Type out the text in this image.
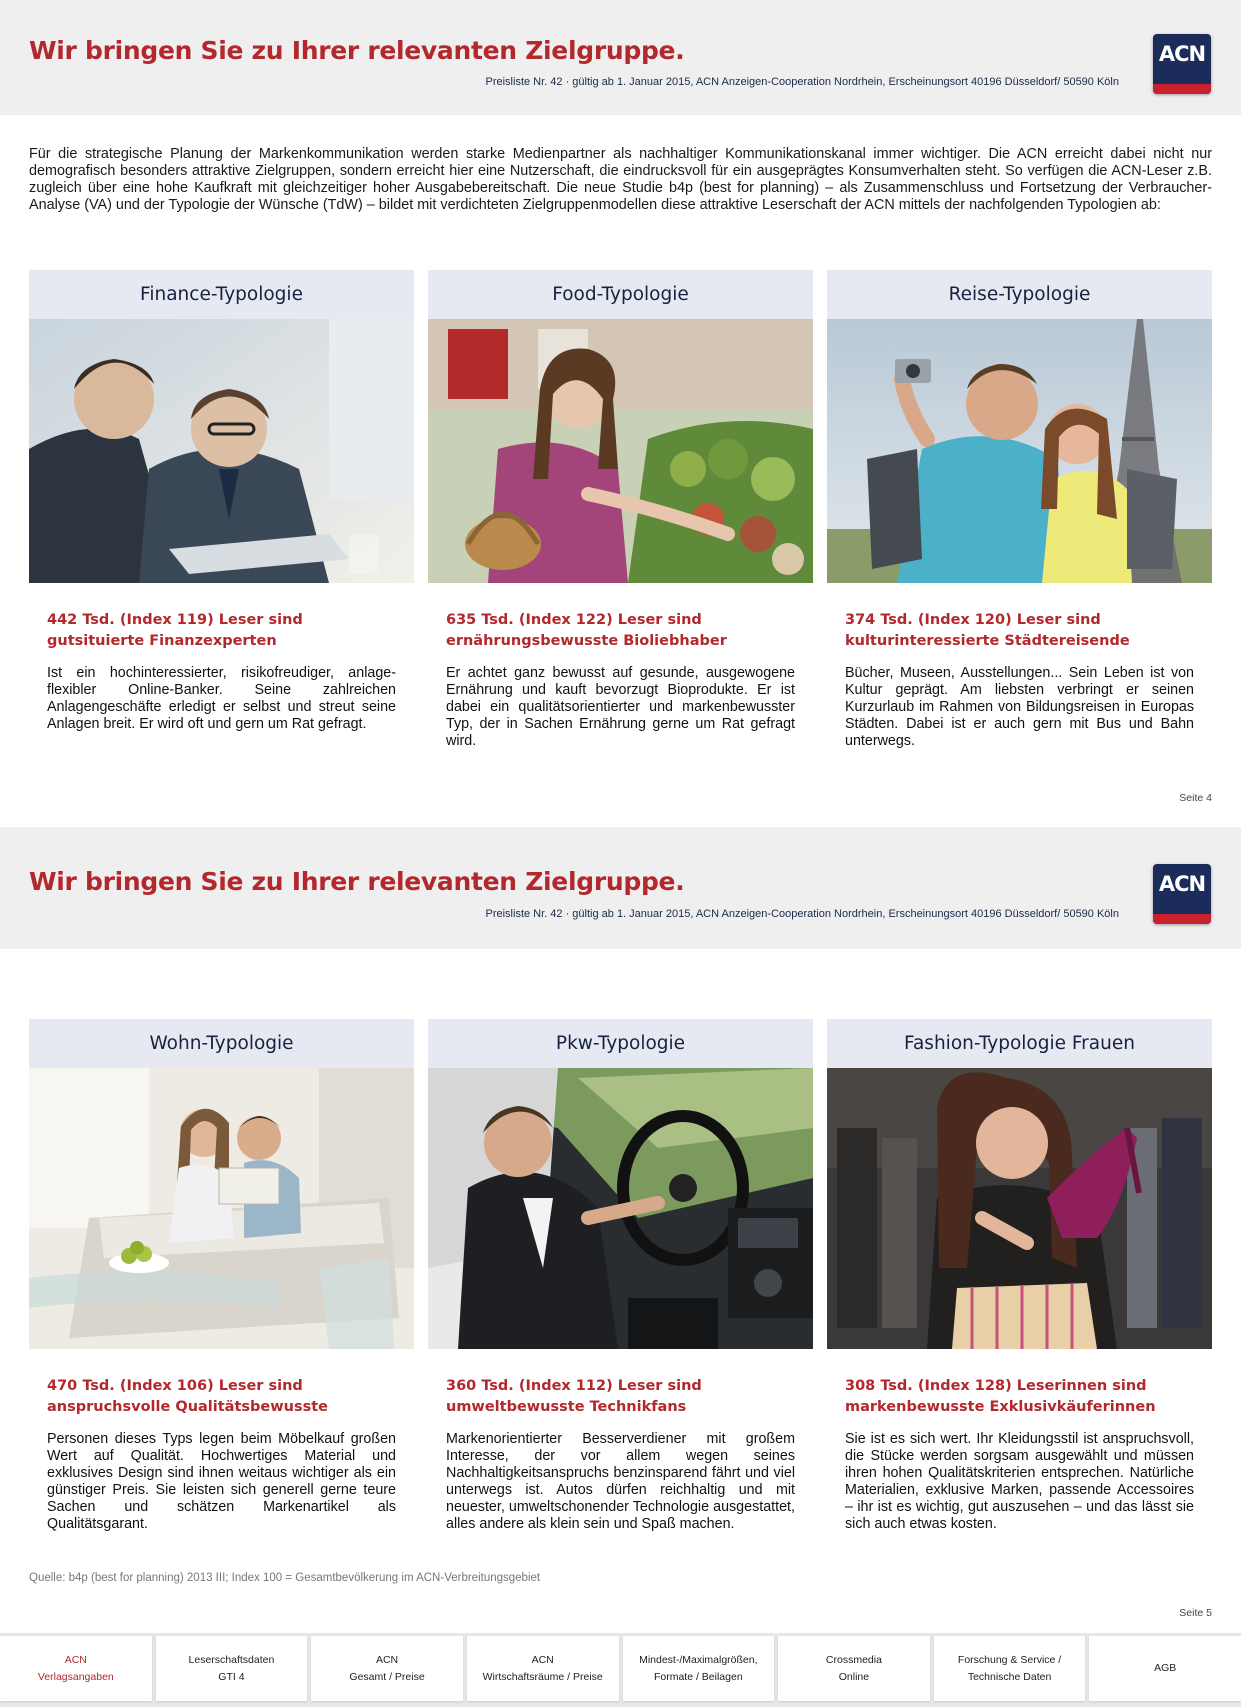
Wir bringen Sie zu Ihrer relevanten Zielgruppe.
Preisliste Nr. 42 · gültig ab 1. Januar 2015, ACN Anzeigen-Cooperation Nordrhein, Erscheinungsort 40196 Düsseldorf/ 50590 Köln
ACN

Für die strategische Planung der Markenkommunikation werden starke Medienpartner als nachhaltiger Kommunikationskanal immer wichtiger. Die ACN erreicht dabei nicht nur demografisch besonders attraktive Zielgruppen, sondern erreicht hier eine Nutzerschaft, die eindrucksvoll für ein ausgeprägtes Konsumverhalten steht. So verfügen die ACN-Leser z.B. zugleich über eine hohe Kaufkraft mit gleichzeitiger hoher Ausgabebereitschaft. Die neue Studie b4p (best for planning) – als Zusammenschluss und Fortsetzung der Verbraucher-Analyse (VA) und der Typologie der Wünsche (TdW) – bildet mit verdichteten Zielgruppenmodellen diese attraktive Leserschaft der ACN mittels der nachfolgenden Typologien ab:

Finance-Typologie
442 Tsd. (Index 119) Leser sind
gutsituierte Finanzexperten

Ist ein hochinteressierter, risikofreudiger, anlage-flexibler Online-Banker. Seine zahlreichen Anlagengeschäfte erledigt er selbst und streut seine Anlagen breit. Er wird oft und gern um Rat gefragt.

Food-Typologie
635 Tsd. (Index 122) Leser sind
ernährungsbewusste Bioliebhaber

Er achtet ganz bewusst auf gesunde, ausgewogene Ernährung und kauft bevorzugt Bioprodukte. Er ist dabei ein qualitätsorientierter und markenbewusster Typ, der in Sachen Ernährung gerne um Rat gefragt wird.

Reise-Typologie
374 Tsd. (Index 120) Leser sind
kulturinteressierte Städtereisende

Bücher, Museen, Ausstellungen... Sein Leben ist von Kultur geprägt. Am liebsten verbringt er seinen Kurzurlaub im Rahmen von Bildungsreisen in Europas Städten. Dabei ist er auch gern mit Bus und Bahn unterwegs.

Seite 4
Wir bringen Sie zu Ihrer relevanten Zielgruppe.
Preisliste Nr. 42 · gültig ab 1. Januar 2015, ACN Anzeigen-Cooperation Nordrhein, Erscheinungsort 40196 Düsseldorf/ 50590 Köln
ACN
Wohn-Typologie
470 Tsd. (Index 106) Leser sind
anspruchsvolle Qualitätsbewusste

Personen dieses Typs legen beim Möbelkauf großen Wert auf Qualität. Hochwertiges Material und exklusives Design sind ihnen weitaus wichtiger als ein günstiger Preis. Sie leisten sich generell gerne teure Sachen und schätzen Markenartikel als Qualitätsgarant.

Pkw-Typologie
360 Tsd. (Index 112) Leser sind
umweltbewusste Technikfans

Markenorientierter Besserverdiener mit großem Interesse, der vor allem wegen seines Nachhaltigkeitsanspruchs benzinsparend fährt und viel unterwegs ist. Autos dürfen reichhaltig und mit neuester, umweltschonender Technologie ausgestattet, alles andere als klein sein und Spaß machen.

Fashion-Typologie Frauen
308 Tsd. (Index 128) Leserinnen sind
markenbewusste Exklusivkäuferinnen

Sie ist es sich wert. Ihr Kleidungsstil ist anspruchsvoll, die Stücke werden sorgsam ausgewählt und müssen ihren hohen Qualitätskriterien entsprechen. Natürliche Materialien, exklusive Marken, passende Accessoires – ihr ist es wichtig, gut auszusehen – und das lässt sie sich auch etwas kosten.

Quelle: b4p (best for planning) 2013 III; Index 100 = Gesamtbevölkerung im ACN-Verbreitungsgebiet
Seite 5
ACN
Verlagsangaben
Leserschaftsdaten
GTI 4
ACN
Gesamt / Preise
ACN
Wirtschaftsräume / Preise
Mindest-/Maximalgrößen,
Formate / Beilagen
Crossmedia
Online
Forschung & Service /
Technische Daten
AGB
